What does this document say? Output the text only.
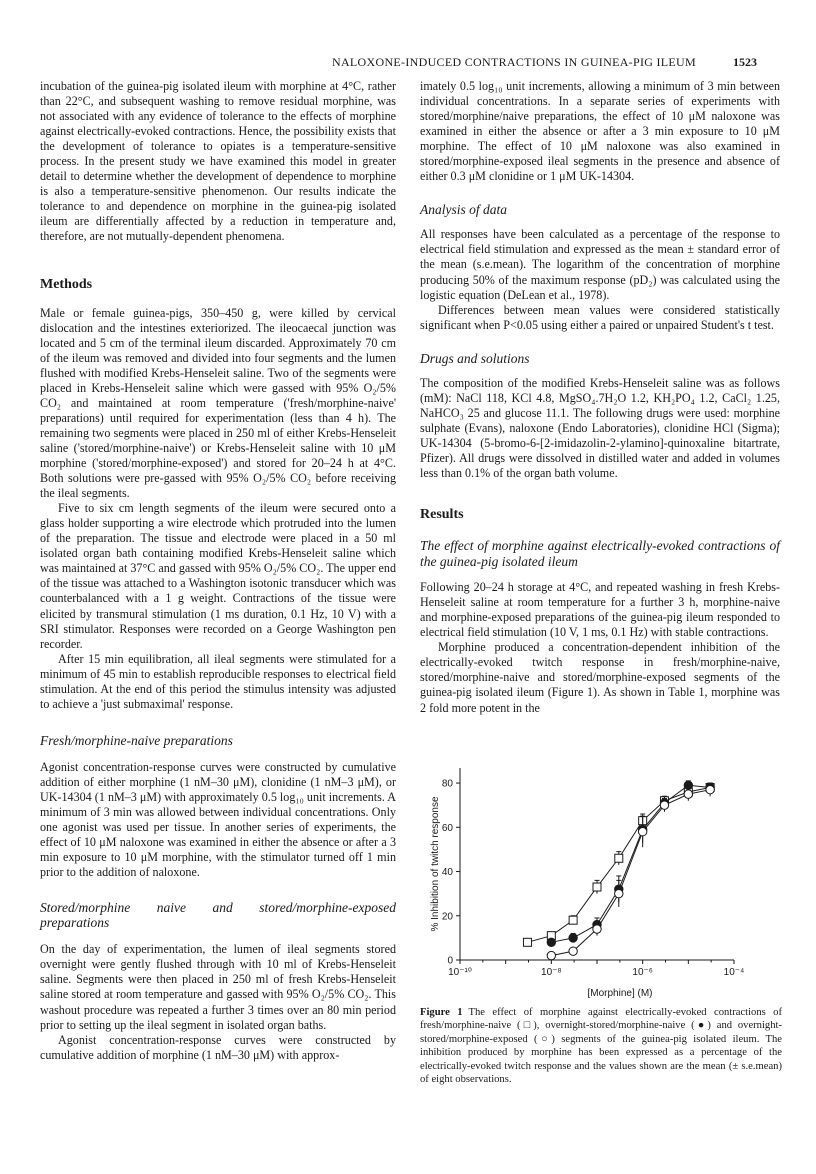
NALOXONE-INDUCED CONTRACTIONS IN GUINEA-PIG ILEUM	1523

incubation of the guinea-pig isolated ileum with morphine at 4°C, rather than 22°C, and subsequent washing to remove residual morphine, was not associated with any evidence of tolerance to the effects of morphine against electrically-evoked contractions. Hence, the possibility exists that the development of tolerance to opiates is a temperature-sensitive process. In the present study we have examined this model in greater detail to determine whether the development of dependence to morphine is also a temperature-sensitive phenomenon. Our results indicate the tolerance to and dependence on morphine in the guinea-pig isolated ileum are differentially affected by a reduction in temperature and, therefore, are not mutually-dependent phenomena.

Methods

Male or female guinea-pigs, 350–450 g, were killed by cervical dislocation and the intestines exteriorized. The ileocaecal junction was located and 5 cm of the terminal ileum discarded. Approximately 70 cm of the ileum was removed and divided into four segments and the lumen flushed with modified Krebs-Henseleit saline. Two of the segments were placed in Krebs-Henseleit saline which were gassed with 95% O₂/5% CO₂ and maintained at room temperature ('fresh/morphine-naive' preparations) until required for experimentation (less than 4 h). The remaining two segments were placed in 250 ml of either Krebs-Henseleit saline ('stored/morphine-naive') or Krebs-Henseleit saline with 10 μM morphine ('stored/morphine-exposed') and stored for 20–24 h at 4°C. Both solutions were pre-gassed with 95% O₂/5% CO₂ before receiving the ileal segments.

Five to six cm length segments of the ileum were secured onto a glass holder supporting a wire electrode which protruded into the lumen of the preparation. The tissue and electrode were placed in a 50 ml isolated organ bath containing modified Krebs-Henseleit saline which was maintained at 37°C and gassed with 95% O₂/5% CO₂. The upper end of the tissue was attached to a Washington isotonic transducer which was counterbalanced with a 1 g weight. Contractions of the tissue were elicited by transmural stimulation (1 ms duration, 0.1 Hz, 10 V) with a SRI stimulator. Responses were recorded on a George Washington pen recorder.

After 15 min equilibration, all ileal segments were stimulated for a minimum of 45 min to establish reproducible responses to electrical field stimulation. At the end of this period the stimulus intensity was adjusted to achieve a 'just submaximal' response.

Fresh/morphine-naive preparations

Agonist concentration-response curves were constructed by cumulative addition of either morphine (1 nM–30 μM), clonidine (1 nM–3 μM), or UK-14304 (1 nM–3 μM) with approximately 0.5 log₁₀ unit increments. A minimum of 3 min was allowed between individual concentrations. Only one agonist was used per tissue. In another series of experiments, the effect of 10 μM naloxone was examined in either the absence or after a 3 min exposure to 10 μM morphine, with the stimulator turned off 1 min prior to the addition of naloxone.

Stored/morphine naive and stored/morphine-exposed preparations

On the day of experimentation, the lumen of ileal segments stored overnight were gently flushed through with 10 ml of Krebs-Henseleit saline. Segments were then placed in 250 ml of fresh Krebs-Henseleit saline stored at room temperature and gassed with 95% O₂/5% CO₂. This washout procedure was repeated a further 3 times over an 80 min period prior to setting up the ileal segment in isolated organ baths.

Agonist concentration-response curves were constructed by cumulative addition of morphine (1 nM–30 μM) with approx-

imately 0.5 log₁₀ unit increments, allowing a minimum of 3 min between individual concentrations. In a separate series of experiments with stored/morphine/naive preparations, the effect of 10 μM naloxone was examined in either the absence or after a 3 min exposure to 10 μM morphine. The effect of 10 μM naloxone was also examined in stored/morphine-exposed ileal segments in the presence and absence of either 0.3 μM clonidine or 1 μM UK-14304.

Analysis of data

All responses have been calculated as a percentage of the response to electrical field stimulation and expressed as the mean ± standard error of the mean (s.e.mean). The logarithm of the concentration of morphine producing 50% of the maximum response (pD₂) was calculated using the logistic equation (DeLean et al., 1978).

Differences between mean values were considered statistically significant when P<0.05 using either a paired or unpaired Student's t test.

Drugs and solutions

The composition of the modified Krebs-Henseleit saline was as follows (mM): NaCl 118, KCl 4.8, MgSO₄.7H₂O 1.2, KH₂PO₄ 1.2, CaCl₂ 1.25, NaHCO₃ 25 and glucose 11.1. The following drugs were used: morphine sulphate (Evans), naloxone (Endo Laboratories), clonidine HCl (Sigma); UK-14304 (5-bromo-6-[2-imidazolin-2-ylamino]-quinoxaline bitartrate, Pfizer). All drugs were dissolved in distilled water and added in volumes less than 0.1% of the organ bath volume.

Results
The effect of morphine against electrically-evoked contractions of the guinea-pig isolated ileum

Following 20–24 h storage at 4°C, and repeated washing in fresh Krebs-Henseleit saline at room temperature for a further 3 h, morphine-naive and morphine-exposed preparations of the guinea-pig ileum responded to electrical field stimulation (10 V, 1 ms, 0.1 Hz) with stable contractions.

Morphine produced a concentration-dependent inhibition of the electrically-evoked twitch response in fresh/morphine-naive, stored/morphine-naive and stored/morphine-exposed segments of the guinea-pig isolated ileum (Figure 1). As shown in Table 1, morphine was 2 fold more potent in the

0
20
40
60
80
10⁻¹⁰	10⁻⁸	10⁻⁶	10⁻⁴
% Inhibition of twitch response
[Morphine] (M)
Figure 1 The effect of morphine against electrically-evoked contractions of fresh/morphine-naive (□), overnight-stored/morphine-naive (●) and overnight-stored/morphine-exposed (○) segments of the guinea-pig isolated ileum. The inhibition produced by morphine has been expressed as a percentage of the electrically-evoked twitch response and the values shown are the mean (± s.e.mean) of eight observations.
